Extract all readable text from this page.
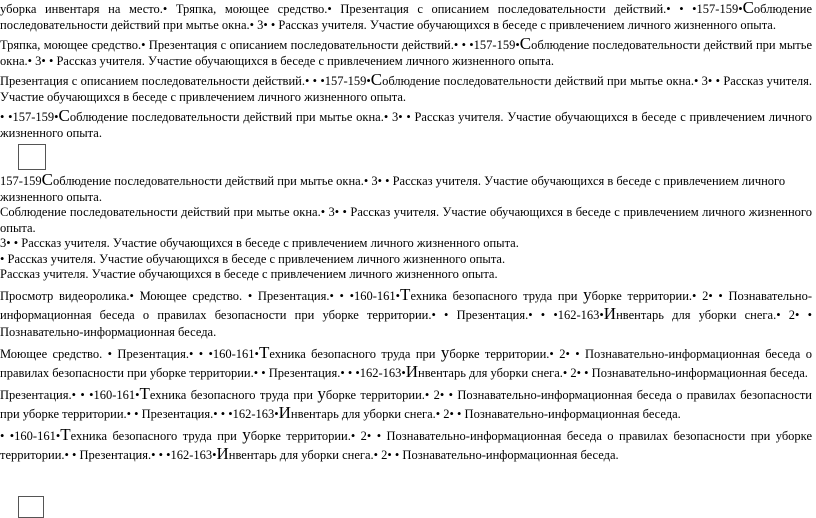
уборка инвентаря на место.• Тряпка, моющее средство.• Презентация с описанием последовательности действий.• • •157-159•Соблюдение последовательности действий при мытье окна.• 3• • Рассказ учителя. Участие обучающихся в беседе с привлечением личного жизненного опыта.

Тряпка, моющее средство.• Презентация с описанием последовательности действий.• • •157-159•Соблюдение последовательности действий при мытье окна.• 3• • Рассказ учителя. Участие обучающихся в беседе с привлечением личного жизненного опыта.

Презентация с описанием последовательности действий.• • •157-159•Соблюдение последовательности действий при мытье окна.• 3• • Рассказ учителя. Участие обучающихся в беседе с привлечением личного жизненного опыта.

• •157-159•Соблюдение последовательности действий при мытье окна.• 3• • Рассказ учителя. Участие обучающихся в беседе с привлечением личного жизненного опыта.

157-159Соблюдение последовательности действий при мытье окна.• 3• • Рассказ учителя. Участие обучающихся в беседе с привлечением личного жизненного опыта.

Соблюдение последовательности действий при мытье окна.• 3• • Рассказ учителя. Участие обучающихся в беседе с привлечением личного жизненного опыта.

3• • Рассказ учителя. Участие обучающихся в беседе с привлечением личного жизненного опыта.

• Рассказ учителя. Участие обучающихся в беседе с привлечением личного жизненного опыта.

Рассказ учителя. Участие обучающихся в беседе с привлечением личного жизненного опыта.

Просмотр видеоролика.• Моющее средство. • Презентация.• • •160-161•Техника безопасного труда при уборке территории.• 2• • Познавательно-информационная беседа о правилах безопасности при уборке территории.• • Презентация.• • •162-163•Инвентарь для уборки снега.• 2• • Познавательно-информационная беседа.

Моющее средство. • Презентация.• • •160-161•Техника безопасного труда при уборке территории.• 2• • Познавательно-информационная беседа о правилах безопасности при уборке территории.• • Презентация.• • •162-163•Инвентарь для уборки снега.• 2• • Познавательно-информационная беседа.

Презентация.• • •160-161•Техника безопасного труда при уборке территории.• 2• • Познавательно-информационная беседа о правилах безопасности при уборке территории.• • Презентация.• • •162-163•Инвентарь для уборки снега.• 2• • Познавательно-информационная беседа.

• •160-161•Техника безопасного труда при уборке территории.• 2• • Познавательно-информационная беседа о правилах безопасности при уборке территории.• • Презентация.• • •162-163•Инвентарь для уборки снега.• 2• • Познавательно-информационная беседа.
